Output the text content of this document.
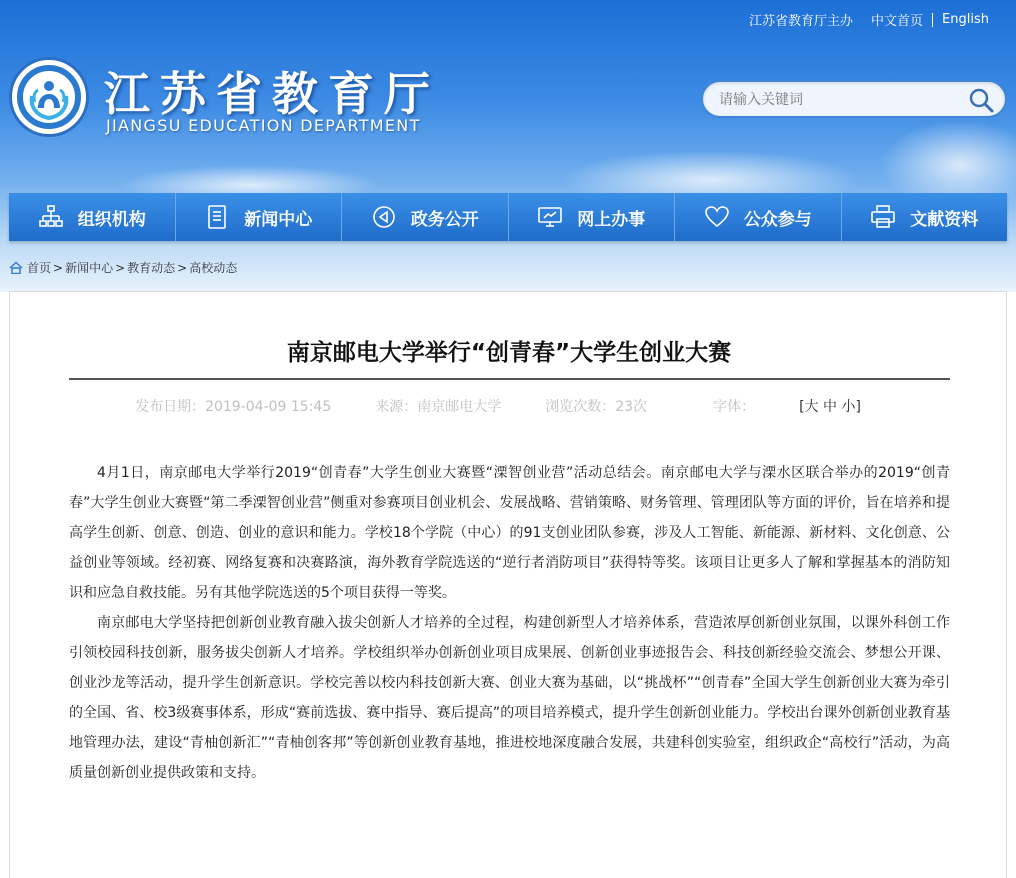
江苏省教育厅主办	中文首页	English
江苏省教育厅
JIANGSU EDUCATION DEPARTMENT
请输入关键词
组织机构	新闻中心	政务公开	网上办事	公众参与	文献资料
首页 > 新闻中心 > 教育动态 > 高校动态
南京邮电大学举行“创青春”大学生创业大赛
发布日期：2019-04-09 15:45	来源：南京邮电大学	浏览次数：23次	字体：	[大 中 小]

4月1日，南京邮电大学举行2019“创青春”大学生创业大赛暨“溧智创业营”活动总结会。南京邮电大学与溧水区联合举办的2019“创青春”大学生创业大赛暨“第二季溧智创业营”侧重对参赛项目创业机会、发展战略、营销策略、财务管理、管理团队等方面的评价，旨在培养和提高学生创新、创意、创造、创业的意识和能力。学校18个学院（中心）的91支创业团队参赛，涉及人工智能、新能源、新材料、文化创意、公益创业等领域。经初赛、网络复赛和决赛路演，海外教育学院选送的“逆行者消防项目”获得特等奖。该项目让更多人了解和掌握基本的消防知识和应急自救技能。另有其他学院选送的5个项目获得一等奖。

南京邮电大学坚持把创新创业教育融入拔尖创新人才培养的全过程，构建创新型人才培养体系，营造浓厚创新创业氛围，以课外科创工作引领校园科技创新，服务拔尖创新人才培养。学校组织举办创新创业项目成果展、创新创业事迹报告会、科技创新经验交流会、梦想公开课、创业沙龙等活动，提升学生创新意识。学校完善以校内科技创新大赛、创业大赛为基础，以“挑战杯”“创青春”全国大学生创新创业大赛为牵引的全国、省、校3级赛事体系，形成“赛前选拔、赛中指导、赛后提高”的项目培养模式，提升学生创新创业能力。学校出台课外创新创业教育基地管理办法，建设“青柚创新汇”“青柚创客邦”等创新创业教育基地，推进校地深度融合发展，共建科创实验室，组织政企“高校行”活动，为高质量创新创业提供政策和支持。
